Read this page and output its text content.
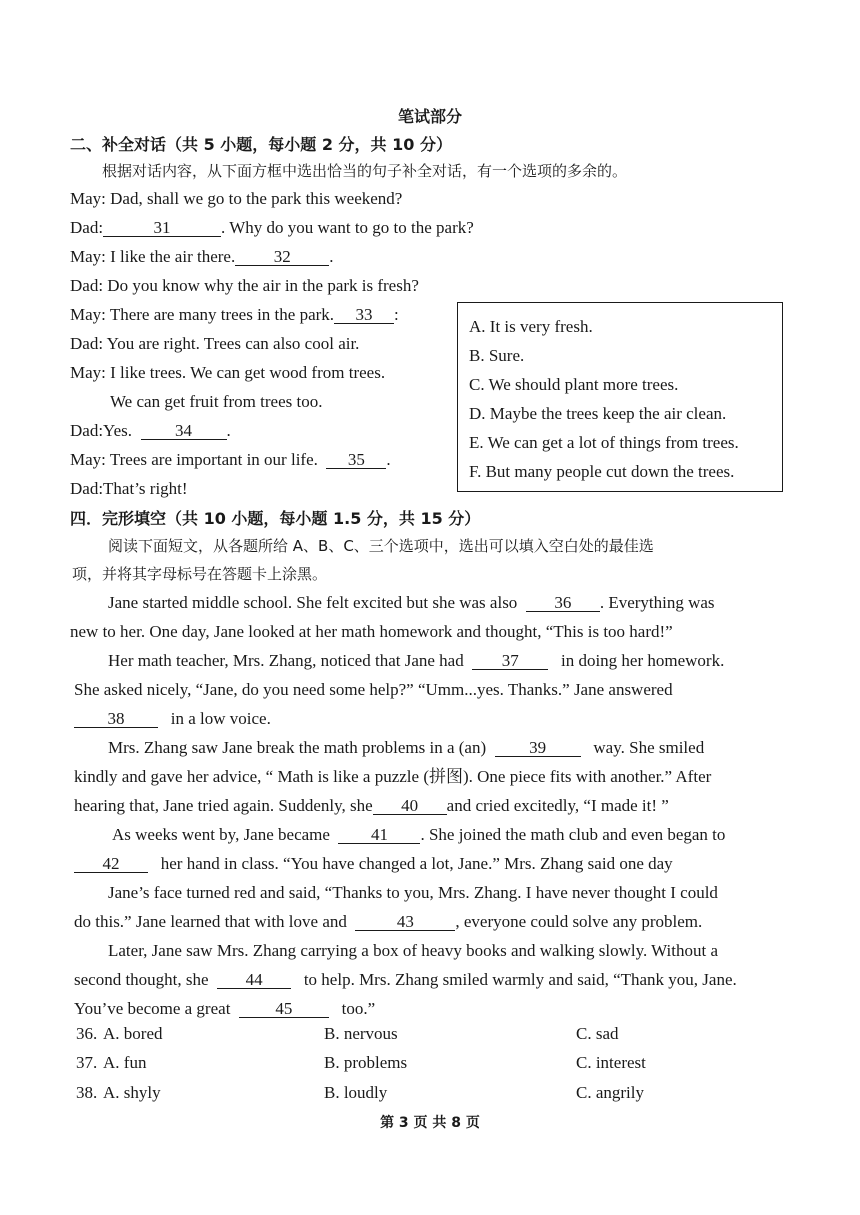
笔试部分
二、补全对话（共 5 小题，每小题 2 分，共 10 分）
根据对话内容，从下面方框中选出恰当的句子补全对话，有一个选项的多余的。
May: Dad, shall we go to the park this weekend?
Dad:	31	. Why do you want to go to the park?
May: I like the air there. 32 .
Dad: Do you know why the air in the park is fresh?
May: There are many trees in the park. 33 :
Dad: You are right. Trees can also cool air.
May: I like trees. We can get wood from trees.
We can get fruit from trees too.
Dad:Yes.	34 .
May: Trees are important in our life. 35 .
Dad:That’s right!
A. It is very fresh.
B. Sure.
C. We should plant more trees.
D. Maybe the trees keep the air clean.
E. We can get a lot of things from trees.
F. But many people cut down the trees.
四．完形填空（共 10 小题，每小题 1.5 分，共 15 分）
阅读下面短文，从各题所给 A、B、C、三个选项中，选出可以填入空白处的最佳选
项，并将其字母标号在答题卡上涂黑。
Jane started middle school. She felt excited but she was also 36 . Everything was
new to her. One day, Jane looked at her math homework and thought, “This is too hard!”
Her math teacher, Mrs. Zhang, noticed that Jane had 37 in doing her homework.
She asked nicely, “Jane, do you need some help?” “Umm...yes. Thanks.” Jane answered
38	in a low voice.
Mrs. Zhang saw Jane break the math problems in a (an)	39	way. She smiled
kindly and gave her advice, “ Math is like a puzzle (拼图). One piece fits with another.” After
hearing that, Jane tried again. Suddenly, she 40 and cried excitedly, “I made it! ”
As weeks went by, Jane became 41 . She joined the math club and even began to
42 her hand in class. “You have changed a lot, Jane.” Mrs. Zhang said one day
Jane’s face turned red and said, “Thanks to you, Mrs. Zhang. I have never thought I could
do this.” Jane learned that with love and	43 , everyone could solve any problem.
Later, Jane saw Mrs. Zhang carrying a box of heavy books and walking slowly. Without a
second thought, she 44 to help. Mrs. Zhang smiled warmly and said, “Thank you, Jane.
You’ve become a great	45	too.”
36. A. bored	B. nervous	C. sad
37. A. fun	B. problems	C. interest
38. A. shyly	B. loudly	C. angrily
第 3 页 共 8 页
